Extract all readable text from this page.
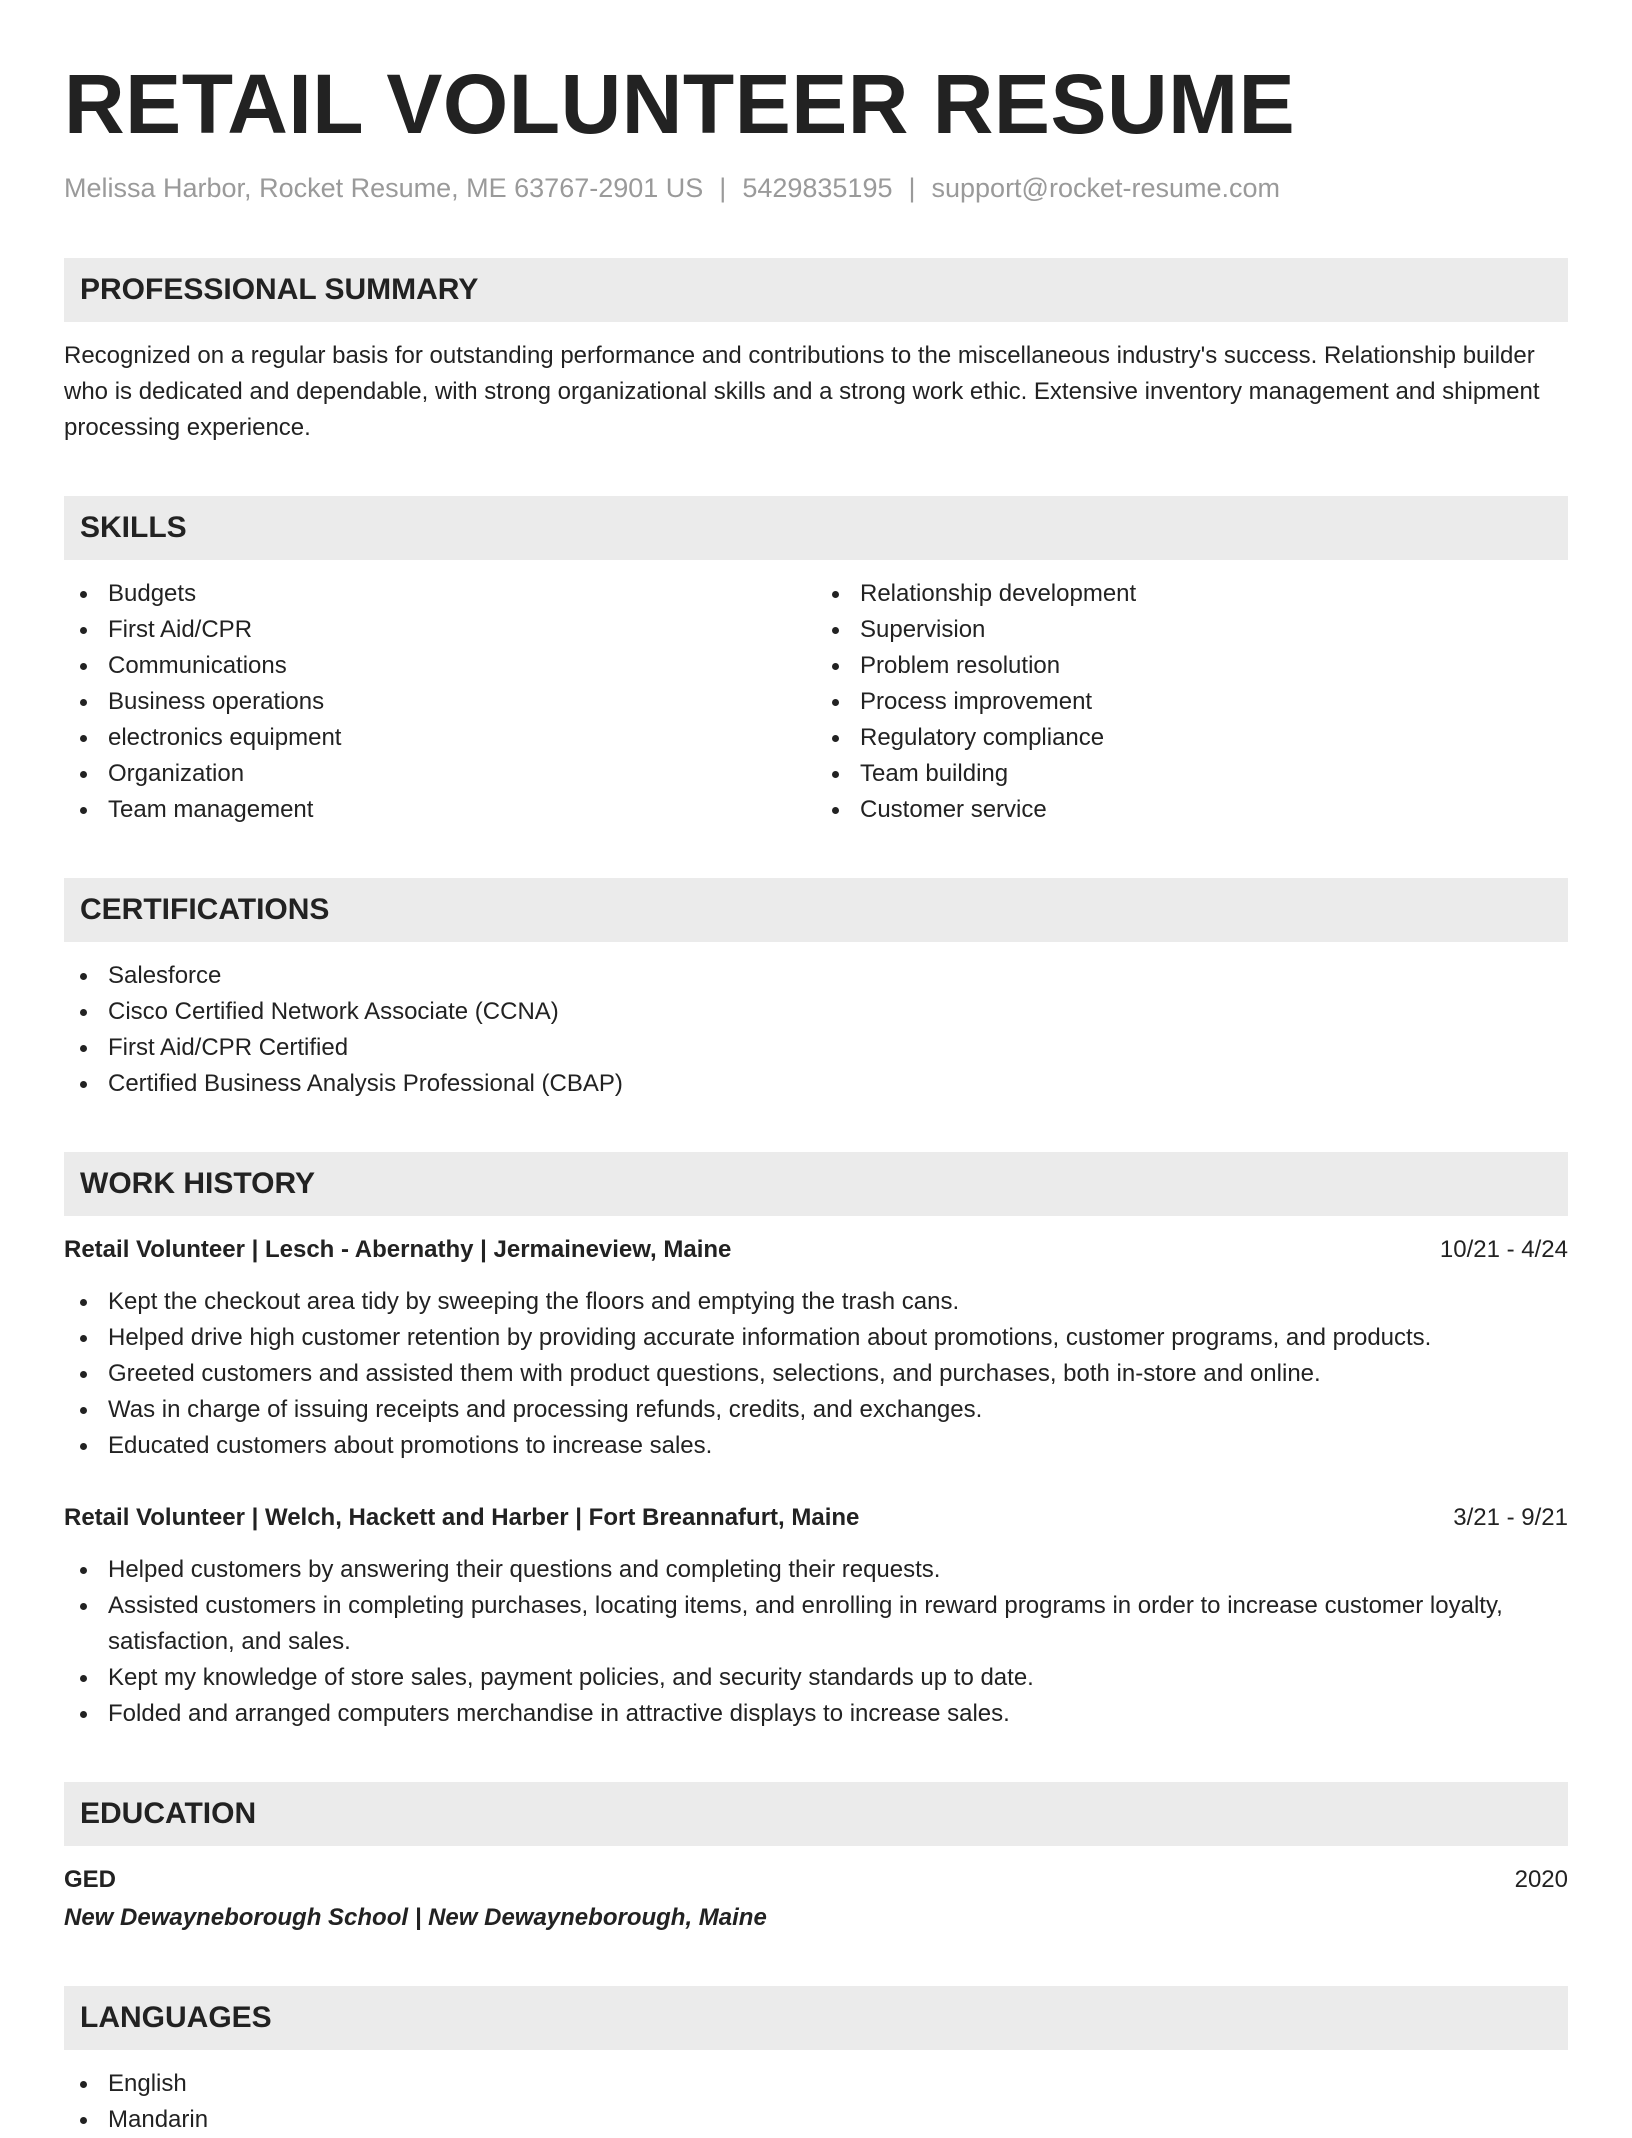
RETAIL VOLUNTEER RESUME
Melissa Harbor, Rocket Resume, ME 63767-2901 US | 5429835195 | support@rocket-resume.com
PROFESSIONAL SUMMARY
Recognized on a regular basis for outstanding performance and contributions to the miscellaneous industry's success. Relationship builder who is dedicated and dependable, with strong organizational skills and a strong work ethic. Extensive inventory management and shipment processing experience.
SKILLS
Budgets
First Aid/CPR
Communications
Business operations
electronics equipment
Organization
Team management
Relationship development
Supervision
Problem resolution
Process improvement
Regulatory compliance
Team building
Customer service
CERTIFICATIONS
Salesforce
Cisco Certified Network Associate (CCNA)
First Aid/CPR Certified
Certified Business Analysis Professional (CBAP)
WORK HISTORY
Retail Volunteer | Lesch - Abernathy | Jermaineview, Maine	10/21 - 4/24
Kept the checkout area tidy by sweeping the floors and emptying the trash cans.
Helped drive high customer retention by providing accurate information about promotions, customer programs, and products.
Greeted customers and assisted them with product questions, selections, and purchases, both in-store and online.
Was in charge of issuing receipts and processing refunds, credits, and exchanges.
Educated customers about promotions to increase sales.
Retail Volunteer | Welch, Hackett and Harber | Fort Breannafurt, Maine	3/21 - 9/21
Helped customers by answering their questions and completing their requests.
Assisted customers in completing purchases, locating items, and enrolling in reward programs in order to increase customer loyalty, satisfaction, and sales.
Kept my knowledge of store sales, payment policies, and security standards up to date.
Folded and arranged computers merchandise in attractive displays to increase sales.
EDUCATION
GED	2020
New Dewayneborough School | New Dewayneborough, Maine
LANGUAGES
English
Mandarin
